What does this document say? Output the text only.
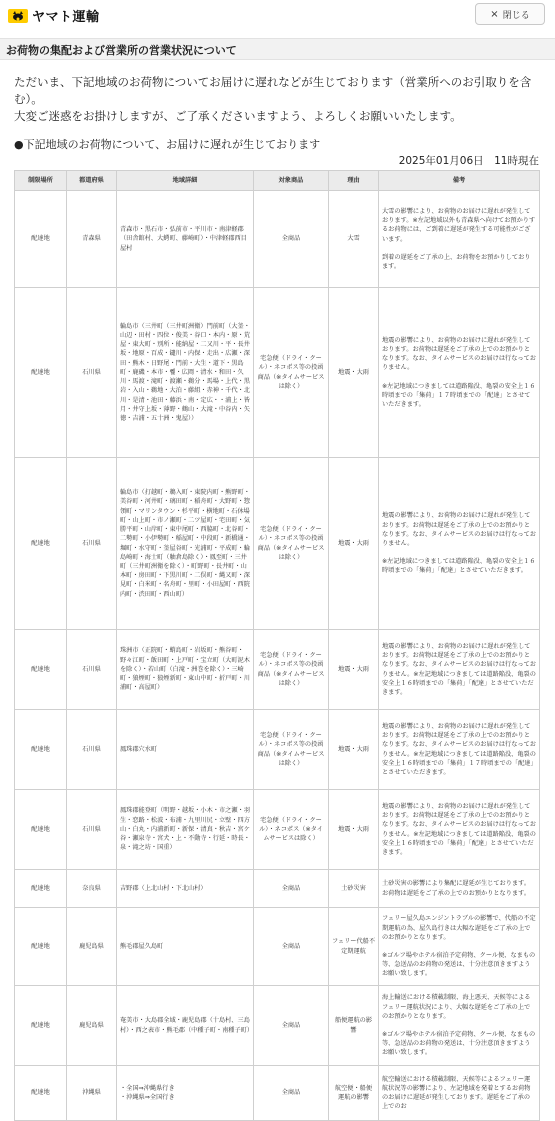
ヤマト運輸	× 閉じる
お荷物の集配および営業所の営業状況について

ただいま、下記地域のお荷物についてお届けに遅れなどが生じております（営業所へのお引取りを含む）。

大変ご迷惑をお掛けしますが、ご了承くださいますよう、よろしくお願いいたします。

●下記地域のお荷物について、お届けに遅れが生じております
2025年01月06日　11時現在
制限場所	都道府県	地域詳細	対象商品	理由	備考
配達地	青森県	青森市・黒石市・弘前市・平川市・南津軽郡（田舎館村、大鰐町、藤崎町）・中津軽郡西目屋村	全商品	大雪	大雪の影響により、お荷物のお届けに遅れが発生しております。※左記地域以外も青森県へ向けてお預かりするお荷物には、ご到着に遅延が発生する可能性がございます。

到着の遅延をご了承の上、お荷物をお預かりしております。

配達地	石川県	輪島市（三井町（三井町洲衛）門前町（大釜・山辺・田村・四位・俊美・谷口・本内・原・荒屋・東大町・別所・能納屋・二又川・平・長井坂・地原・百成・鑓川・内保・走出・広瀬・深田・熊木・日野尾・門前・大生・道下・黒島町・鹿磯・本市・쀑・広岡・清水・和田・久川・馬渡・滝町・渡瀬・鵜分・馬場・上代・黒岩・入山・鵜地・大泊・藤組・赤神・千代・北川・是清・池田・藤浜・南・定広・・浦上・皆月・井守上坂・薄野・鶴山・大滝・中谷内・矢徳・吉浦・五十洲・鬼屋））	宅急便（ドライ・クール）・ネコポス等の投函商品（※タイムサービスは除く）	地震・大雨	地震の影響により、お荷物のお届けに遅れが発生しております。お荷物は遅延をご了承の上でのお預かりとなります。なお、タイムサービスのお届けは行なっておりません。

※左記地域につきましては道路陥没、亀裂の安全上１６時頃までの「集荷」１７時頃までの「配達」とさせていただきます。

配達地	石川県	輪島市（打越町・鵜入町・東院内町・熊野町・美谷町・河井町・璃田町・稲舟町・大野町・惣領町・マリンタウン・杉平町・横地町・石休場町・山上町・市ノ瀬町・二ツ屋町・宅田町・気勝平町・山岸町・東中尾町・西脇町・北谷町・二勢町・小伊勢町・稲屋町・中段町・新橋通・堀町・水守町・釜屋谷町・光浦町・平成町・輪島崎町・海士町（舳倉島除く）・鳳至町・三井町（三井町洲衛を除く）・町野町・長井町・山本町・房田町・下黒川町・二俣町・縄又町・深見町・白米町・名舟町・里町・小田屋町・西院内町・渋田町・西山町）	宅急便（ドライ・クール）・ネコポス等の投函商品（※タイムサービスは除く）	地震・大雨	地震の影響により、お荷物のお届けに遅れが発生しております。お荷物は遅延をご了承の上でのお預かりとなります。なお、タイムサービスのお届けは行なっておりません。

※左記地域につきましては道路陥没、亀裂の安全上１６時頃までの「集荷」「配達」とさせていただきます。

配達地	石川県	珠洲市（正院町・蛸島町・岩坂町・熊谷町・野々江町・飯田町・上戸町・宝立町（大町泥木を除く）・若山町（白滝・洲巻を除く）・三崎町・狼煙町・狼煙新町・東山中町・折戸町・川浦町・高屋町）	宅急便（ドライ・クール）・ネコポス等の投函商品（※タイムサービスは除く）	地震・大雨	地震の影響により、お荷物のお届けに遅れが発生しております。お荷物は遅延をご了承の上でのお預かりとなります。なお、タイムサービスのお届けは行なっておりません。※左記地域につきましては道路陥没、亀裂の安全上１６時頃までの「集荷」「配達」とさせていただきます。

配達地	石川県	鳳珠郡穴水町	宅急便（ドライ・クール）・ネコポス等の投函商品（※タイムサービスは除く）	地震・大雨	地震の影響により、お荷物のお届けに遅れが発生しております。お荷物は遅延をご了承の上でのお預かりとなります。なお、タイムサービスのお届けは行なっておりません。※左記地域につきましては道路陥没、亀裂の安全上１６時頃までの「集荷」１７時頃までの「配達」とさせていただきます。

配達地	石川県	鳳珠郡能登町（明野・越坂・小木・市之瀬・羽生・恋路・松波・布浦・九里川尻・立壁・四方山・白丸・内浦新町・新保・清真・秋吉・宮ケ谷・瀬泉寺・宮犬・上・不動寺・行延・時長・泉・滝之坊・国重）	宅急便（ドライ・クール）・ネコポス（※タイムサービスは除く）	地震・大雨	地震の影響により、お荷物のお届けに遅れが発生しております。お荷物は遅延をご了承の上でのお預かりとなります。なお、タイムサービスのお届けは行なっておりません。※左記地域につきましては道路陥没、亀裂の安全上１６時頃までの「集荷」「配達」とさせていただきます。

配達地	奈良県	吉野郡（上北山村・下北山村）	全商品	土砂災害	土砂災害の影響により集配に遅延が生じております。お荷物は遅延をご了承の上でのお預かりとなります。

配達地	鹿児島県	熊毛郡屋久島町	全商品	フェリー代船不定期運航	フェリー屋久島エンジントラブルの影響で、代船の不定期運航の為、屋久島行きは大幅な遅延をご了承の上でのお預かりとなります。

※ゴルフ場やホテル宿泊予定荷物、クール便、なまもの等、急送品のお荷物の発送は、十分注意頂きますようお願い致します。

配達地	鹿児島県	奄美市・大島郡全域・鹿児島郡（十島村、三島村）・西之表市・熊毛郡（中種子町・南種子町）	全商品	船便運航の影響	海上輸送における積載制限、海上悪天、天候等によるフェリー運航状況により、大幅な遅延をご了承の上でのお預かりとなります。

※ゴルフ場やホテル宿泊予定荷物、クール便、なまもの等、急送品のお荷物の発送は、十分注意頂きますようお願い致します。

配達地	沖縄県	・全国⇒沖縄県行き
・沖縄県⇒全国行き	全商品	航空便・船便運航の影響	航空輸送における積載制限、天候等によるフェリー運航状況等の影響により、左記地域を発着とするお荷物のお届けに遅延が発生しております。遅延をご了承の上でのお
